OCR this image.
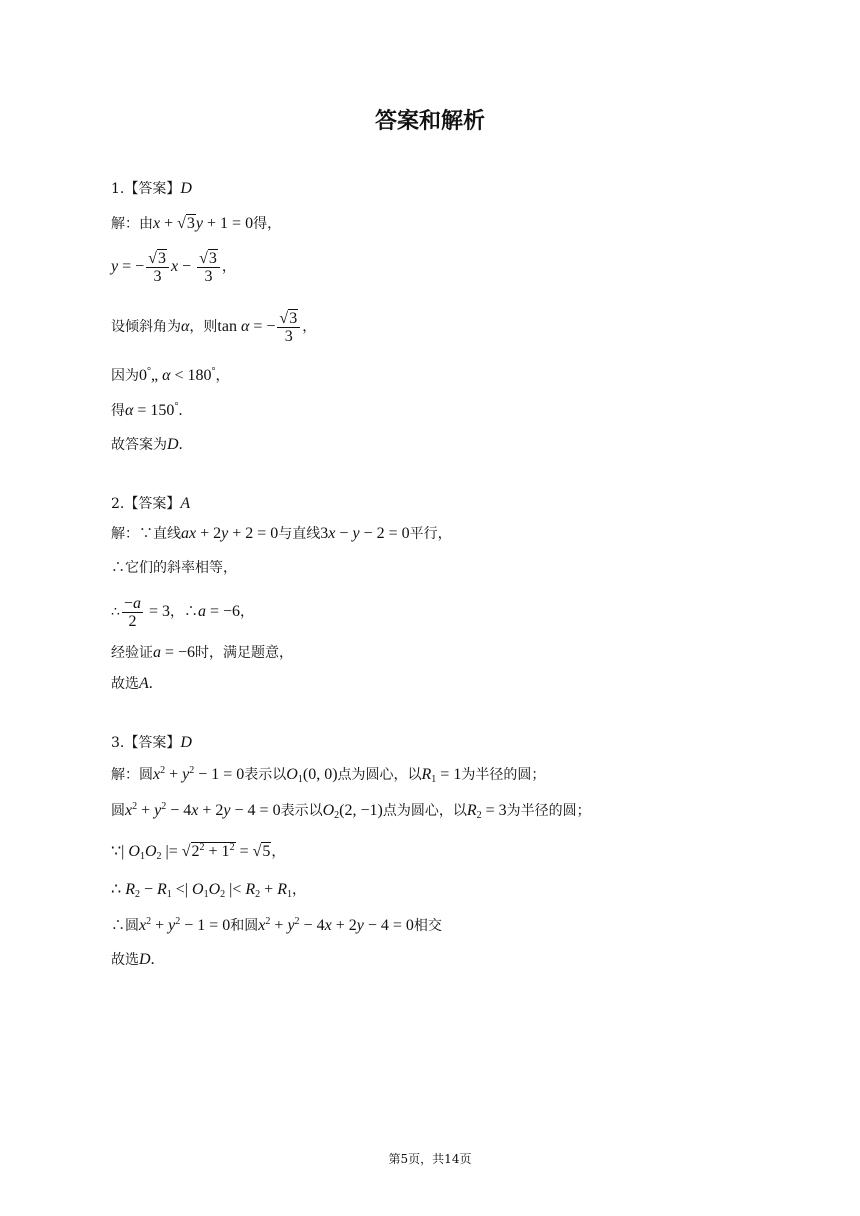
答案和解析
1.【答案】D
解：由x + √3y + 1 = 0得，
y = − $\frac{√3}{3}$ $x - \frac{√3}{3}$ ，
设倾斜角为α，则tan α = − $\frac{√3}{3}$ ，
因为0°„ α < 180°，
得α = 150°.
故答案为D.
2.【答案】A
解：∵直线ax + 2y + 2 = 0与直线3x − y − 2 = 0平行，
∴它们的斜率相等，
∴ $\frac{-a}{2} = 3$，∴a = −6，
经验证a = −6时，满足题意，
故选A.
3.【答案】D
解：圆$x^2 + y^2 - 1 = 0$表示以$O_1(0$, 0)点为圆心，以$R_1 = 1$为半径的圆；
圆$x^2 + y^2 - 4x + 2y - 4 = 0$表示以$O_2(2$, −1)点为圆心，以$R_2 = 3$为半径的圆；
∵| $O_1O_2$ |= $√2^2 + 1^2 = √5$，
∴ $R_2 - R_1$ <| $O_1O_2$ |< $R_2 + R_1$，
∴圆$x^2 + y^2 - 1 = 0$和圆$x^2 + y^2 - 4x + 2y - 4 = 0$相交
故选D.
第5页，共14页
